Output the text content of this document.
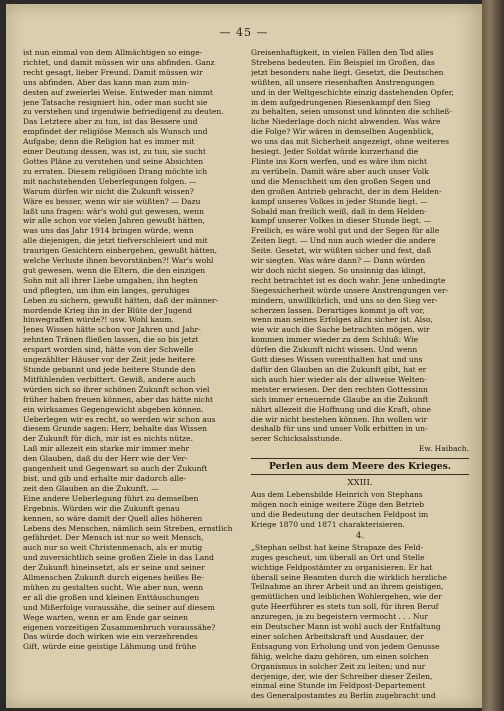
— 45 —
ist nun einmal von dem Allmächtigen so einge-
richtet, und damit müssen wir uns abfinden. Ganz
recht gesagt, lieber Freund. Damit müssen wir
uns abfinden. Aber das kann man zum min-
desten auf zweierlei Weise. Entweder man nimmt
jene Tatsache resigniert hin, oder man sucht sie
zu verstehen und irgendwie befriedigend zu deuten.
Das Letztere aber zu tun, ist das Bessere und
empfindet der religiöse Mensch als Wunsch und
Aufgabe; denn die Religion hat es immer mit
einer Deutung dessen, was ist, zu tun, sie sucht
Gottes Pläne zu verstehen und seine Absichten
zu erraten. Diesem religiösen Drang möchte ich
mit nachstehenden Ueberlegungen folgen. —
Warum dürfen wir nicht die Zukunft wissen?
Wäre es besser, wenn wir sie wüßten? — Dazu
laßt uns fragen: wär's wohl gut gewesen, wenn
wir alle schon vor vielen Jahren gewußt hätten,
was uns das Jahr 1914 bringen würde, wenn
alle diejenigen, die jetzt tiefverschleiert und mit
traurigen Gesichtern einhergehen, gewußt hätten,
welche Verluste ihnen bevorstänben?! War's wohl
gut gewesen, wenn die Eltern, die den einzigen
Sohn mit all ihrer Liebe umgaben, ihn hegten
und pflegten, um ihm ein langes, geruhiges
Leben zu sichern, gewußt hätten, daß der männer-
mordende Krieg ihn in der Blüte der Jugend
hinwegraffen würde?! usw. Wohl kaum.
Jenes Wissen hätte schon vor Jahren und Jahr-
zehnten Tränen fließen lassen, die so bis jetzt
erspart worden sind, hätte von der Schwelle
ungezählter Häuser vor der Zeit jede heitere
Stunde gebannt und jede heitere Stunde den
Mitfühlenden verbittert. Gewiß, andere auch
würden sich so ihrer schönen Zukunft schon viel
früher haben freuen können, aber das hätte nicht
ein wirksames Gegengewicht abgeben können.
Ueberlegen wir es recht, so werden wir schon aus
diesem Grunde sagen: Herr, behalte das Wissen
der Zukunft für dich, mir ist es nichts nütze.
Laß mir allezeit ein starke mir immer mehr
den Glauben, daß du der Herr wie der Ver-
gangenheit und Gegenwart so auch der Zukunft
bist, und gib und erhalte mir dadurch alle-
zeit den Glauben an die Zukunft. —
Eine andere Ueberlegung führt zu demselben
Ergebnis. Würden wir die Zukunft genau
kennen, so wäre damit der Quell alles höheren
Lebens des Menschen, nämlich sein Streben, ernstlich
gefährdet. Der Mensch ist nur so weit Mensch,
auch nur so weit Christenmensch, als er mutig
und zuversichtlich seine großen Ziele in das Land
der Zukunft hineinsetzt, als er seine und seiner
Allmenschen Zukunft durch eigenes heißes Be-
mühen zu gestalten sucht. Wie aber nun, wenn
er all die großen und kleinen Enttäuschungen
und Mißerfolge voraussähe, die seiner auf diesem
Wege warten, wenn er am Ende gar seinen
eigenen vorzeitigen Zusammenbruch voraussähe?
Das würde doch wirken wie ein verzehrendes
Gift, würde eine geistige Lähmung und frühe
Greisenhaftigkeit, in vielen Fällen den Tod alles
Strebens bedeuten. Ein Beispiel im Großen, das
jetzt besonders nahe liegt. Gesetzt, die Deutschen
wüßten, all unsere riesenhaften Anstrengungen
und in der Weltgeschichte einzig dastehenden Opfer,
in dem aufgedrungenen Riesenkampf den Sieg
zu behalten, seien umsonst und könnten die schließ-
liche Niederlage doch nicht abwenden. Was wäre
die Folge? Wir wären in demselben Augenblick,
wo uns das mit Sicherheit angezeigt, ohne weiteres
besiegt. Jeder Soldat würde kurzerhand die
Flinte ins Korn werfen, und es wäre ihm nicht
zu verübeln. Damit wäre aber auch unser Volk
und die Menschheit um den großen Segen und
den großen Antrieb gebracht, der in dem Helden-
kampf unseres Volkes in jeder Stunde liegt. —
Sobald man freilich weiß, daß in dem Helden-
kampf unserer Volkes in dieser Stunde liegt. —
Freilich, es wäre wohl gut und der Segen für alle
Zeiten liegt. — Und nun auch wieder die andere
Seite. Gesetzt, wir wüßten sicher und fest, daß
wir siegten. Was wäre dann? — Dann würden
wir doch nicht siegen. So unsinnig das klingt,
recht betrachtet ist es doch wahr. Jene unbedingte
Siegessicherheit würde unsere Anstrengungen ver-
mindern, unwillkürlich, und uns so den Sieg ver-
scherzen lassen. Derartiges kommt ja oft vor,
wenn man seines Erfolges allzu sicher ist. Also,
wie wir auch die Sache betrachten mögen, wir
kommen immer wieder zu dem Schluß: Wie
dürfen die Zukunft nicht wissen. Und wenn
Gott dieses Wissen vorenthalten hat und uns
dafür den Glauben an die Zukunft gibt, hat er
sich auch hier wieder als der allweise Welten-
meister erwiesen. Der den rechten Gottessinn
sich immer erneuernde Glaube an die Zukunft
nährt allezeit die Hoffnung und die Kraft, ohne
die wir nicht bestehen können. Ihn wollen wir
deshalb für uns und unser Volk erbitten in un-
serer Schicksalsstunde.
Ew. Haibach.
Perlen aus dem Meere des Krieges.
XXIII.
Aus dem Lebensbilde Heinrich von Stephans
mögen noch einige weitere Züge den Betrieb
und die Bedeutung der deutschen Feldpost im
Kriege 1870 und 1871 charakterisieren.
4.
„Stephan selbst hat keine Strapaze des Feld-
zuges gescheut, um überall an Ort und Stelle
wichtige Feldpostämter zu organisieren. Er hat
überall seine Beamten durch die wirklich herzliche
Teilnahme an ihrer Arbeit und an ihrem geistigen,
gemütlichen und leiblichen Wohlergehen, wie der
gute Heerführer es stets tun soll, für ihren Beruf
anzuregen, ja zu begeistern vermocht . . . Nur
ein Deutscher Mann ist wohl auch der Entfaltung
einer solchen Arbeitskraft und Ausdauer, der
Entsagung von Erholung und von jedem Genusse
fähig, welche dazu gehören, um einen solchen
Organismus in solcher Zeit zu leiten; und nur
derjenige, der, wie der Schreiber dieser Zeilen,
einmal eine Stunde im Feldpost-Departement
des Generalpostamtes zu Berlin zugebracht und
